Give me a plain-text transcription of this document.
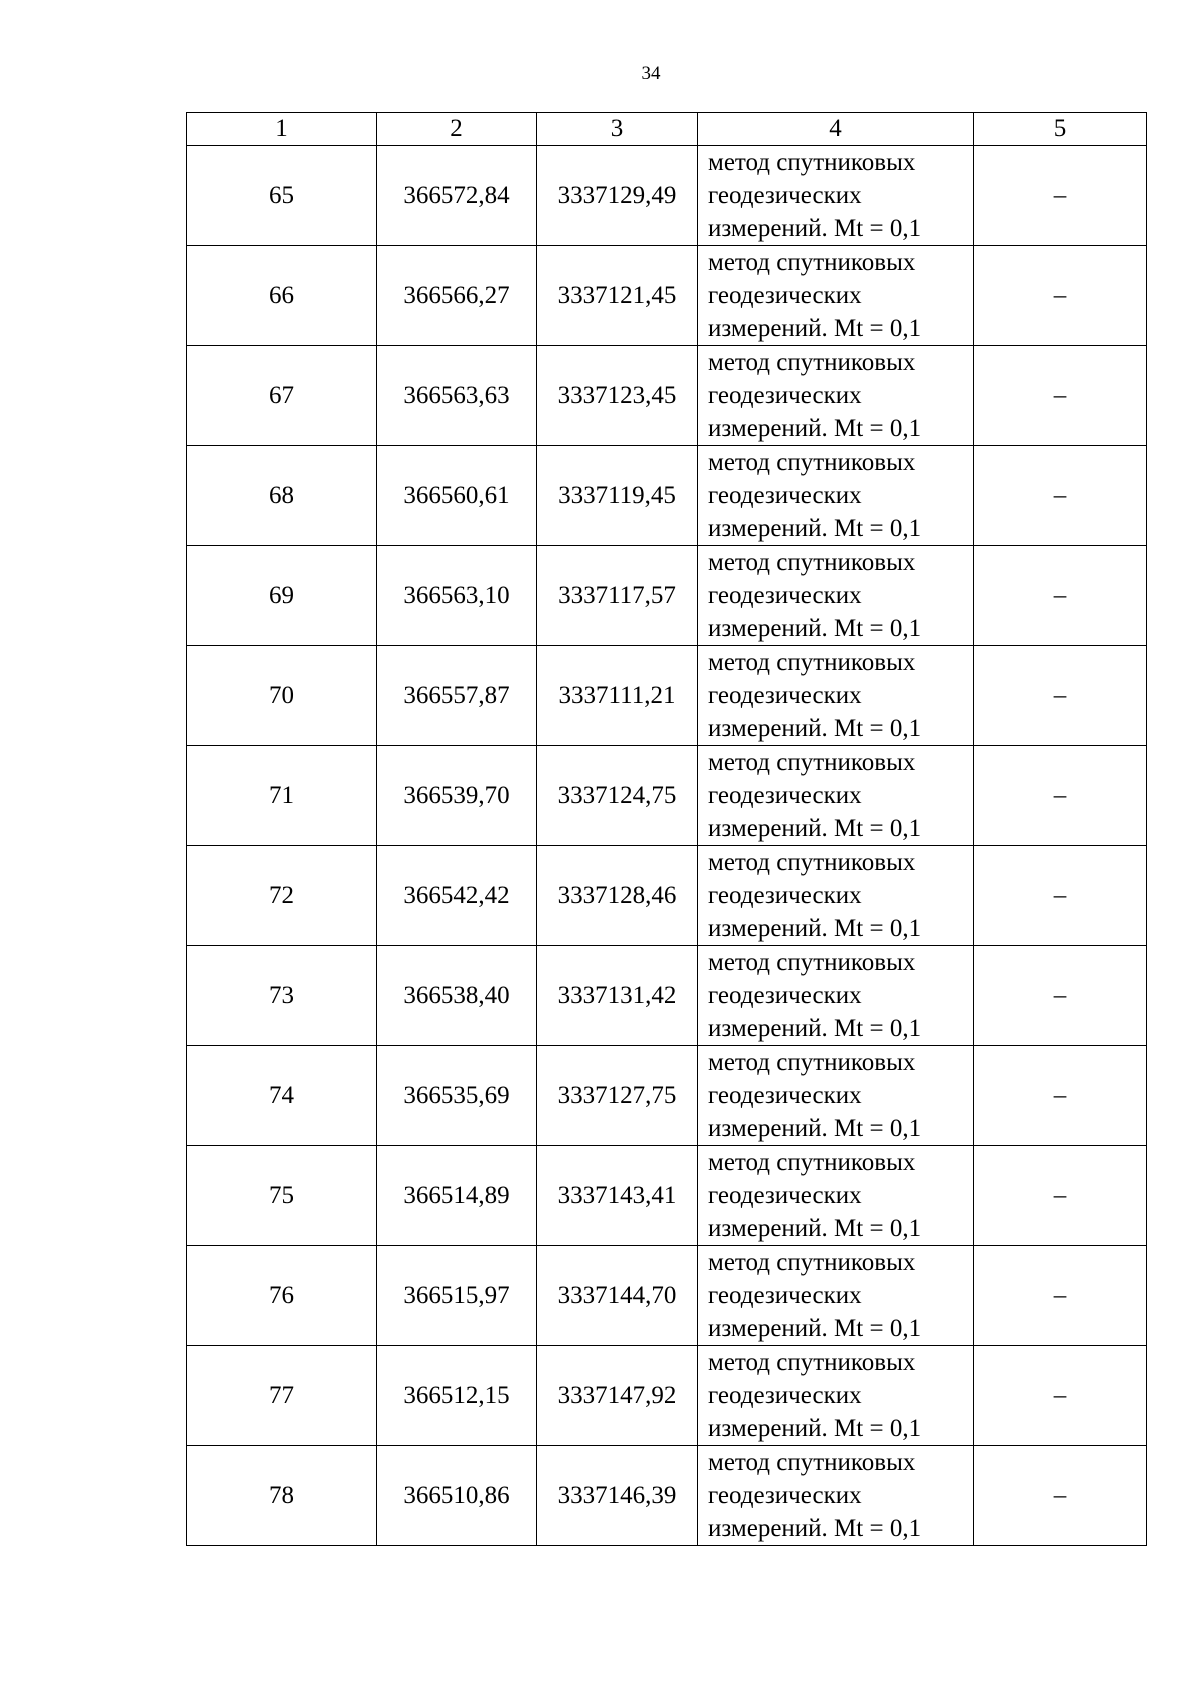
34
1	2	3	4	5
65	366572,84	3337129,49	метод спутниковых
геодезических
измерений. Mt = 0,1	–
66	366566,27	3337121,45	метод спутниковых
геодезических
измерений. Mt = 0,1	–
67	366563,63	3337123,45	метод спутниковых
геодезических
измерений. Mt = 0,1	–
68	366560,61	3337119,45	метод спутниковых
геодезических
измерений. Mt = 0,1	–
69	366563,10	3337117,57	метод спутниковых
геодезических
измерений. Mt = 0,1	–
70	366557,87	3337111,21	метод спутниковых
геодезических
измерений. Mt = 0,1	–
71	366539,70	3337124,75	метод спутниковых
геодезических
измерений. Mt = 0,1	–
72	366542,42	3337128,46	метод спутниковых
геодезических
измерений. Mt = 0,1	–
73	366538,40	3337131,42	метод спутниковых
геодезических
измерений. Mt = 0,1	–
74	366535,69	3337127,75	метод спутниковых
геодезических
измерений. Mt = 0,1	–
75	366514,89	3337143,41	метод спутниковых
геодезических
измерений. Mt = 0,1	–
76	366515,97	3337144,70	метод спутниковых
геодезических
измерений. Mt = 0,1	–
77	366512,15	3337147,92	метод спутниковых
геодезических
измерений. Mt = 0,1	–
78	366510,86	3337146,39	метод спутниковых
геодезических
измерений. Mt = 0,1	–
